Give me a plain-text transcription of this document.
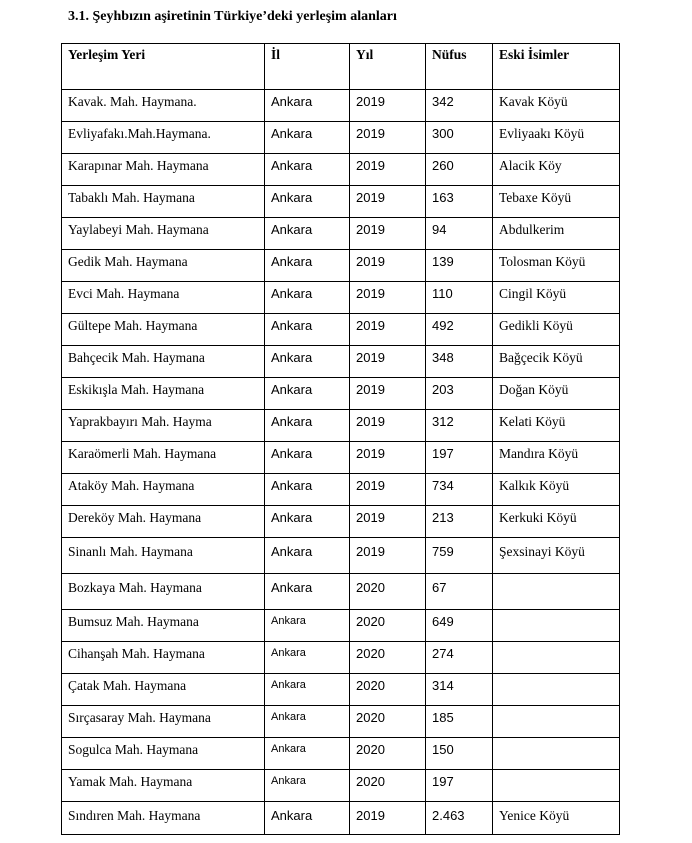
3.1. Şeyhbızın aşiretinin Türkiye’deki yerleşim alanları
Yerleşim Yeri	İl	Yıl	Nüfus	Eski İsimler
Kavak. Mah. Haymana.	Ankara	2019	342	Kavak Köyü
Evliyafakı.Mah.Haymana.	Ankara	2019	300	Evliyaakı Köyü
Karapınar Mah. Haymana	Ankara	2019	260	Alacik Köy
Tabaklı Mah. Haymana	Ankara	2019	163	Tebaxe Köyü
Yaylabeyi Mah. Haymana	Ankara	2019	94	Abdulkerim
Gedik Mah. Haymana	Ankara	2019	139	Tolosman Köyü
Evci Mah. Haymana	Ankara	2019	110	Cingil Köyü
Gültepe Mah. Haymana	Ankara	2019	492	Gedikli Köyü
Bahçecik Mah. Haymana	Ankara	2019	348	Bağçecik Köyü
Eskikışla Mah. Haymana	Ankara	2019	203	Doğan Köyü
Yaprakbayırı Mah. Hayma	Ankara	2019	312	Kelati Köyü
Karaömerli Mah. Haymana	Ankara	2019	197	Mandıra Köyü
Ataköy Mah. Haymana	Ankara	2019	734	Kalkık Köyü
Dereköy Mah. Haymana	Ankara	2019	213	Kerkuki Köyü
Sinanlı Mah. Haymana	Ankara	2019	759	Şexsinayi Köyü
Bozkaya Mah. Haymana	Ankara	2020	67	
Bumsuz Mah. Haymana	Ankara	2020	649	
Cihanşah Mah. Haymana	Ankara	2020	274	
Çatak Mah. Haymana	Ankara	2020	314	
Sırçasaray Mah. Haymana	Ankara	2020	185	
Sogulca Mah. Haymana	Ankara	2020	150	
Yamak Mah. Haymana	Ankara	2020	197	
Sındıren Mah. Haymana	Ankara	2019	2.463	Yenice Köyü
